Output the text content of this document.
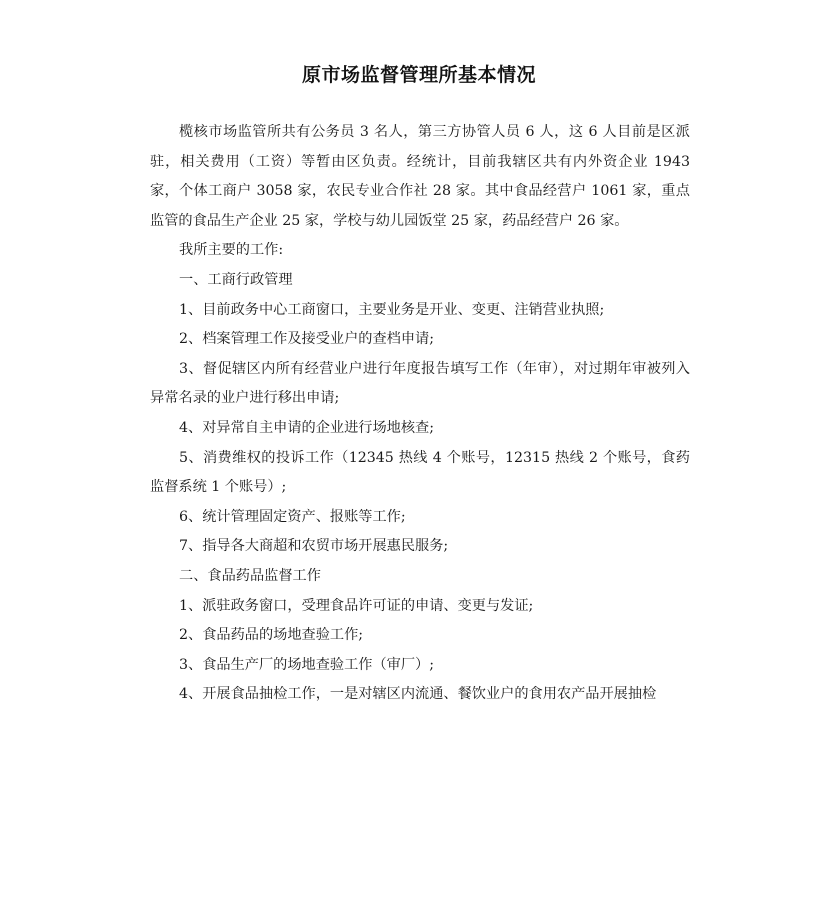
原市场监督管理所基本情况

榄核市场监管所共有公务员 3 名人，第三方协管人员 6 人，这 6 人目前是区派驻，相关费用（工资）等暂由区负责。经统计，目前我辖区共有内外资企业 1943 家，个体工商户 3058 家，农民专业合作社 28 家。其中食品经营户 1061 家，重点监管的食品生产企业 25 家，学校与幼儿园饭堂 25 家，药品经营户 26 家。

我所主要的工作:

一、工商行政管理

1、目前政务中心工商窗口，主要业务是开业、变更、注销营业执照;

2、档案管理工作及接受业户的查档申请;

3、督促辖区内所有经营业户进行年度报告填写工作（年审），对过期年审被列入异常名录的业户进行移出申请;

4、对异常自主申请的企业进行场地核查;

5、消费维权的投诉工作（12345 热线 4 个账号，12315 热线 2 个账号，食药监督系统 1 个账号）;

6、统计管理固定资产、报账等工作;

7、指导各大商超和农贸市场开展惠民服务;

二、食品药品监督工作

1、派驻政务窗口，受理食品许可证的申请、变更与发证;

2、食品药品的场地查验工作;

3、食品生产厂的场地查验工作（审厂）;

4、开展食品抽检工作，一是对辖区内流通、餐饮业户的食用农产品开展抽检
